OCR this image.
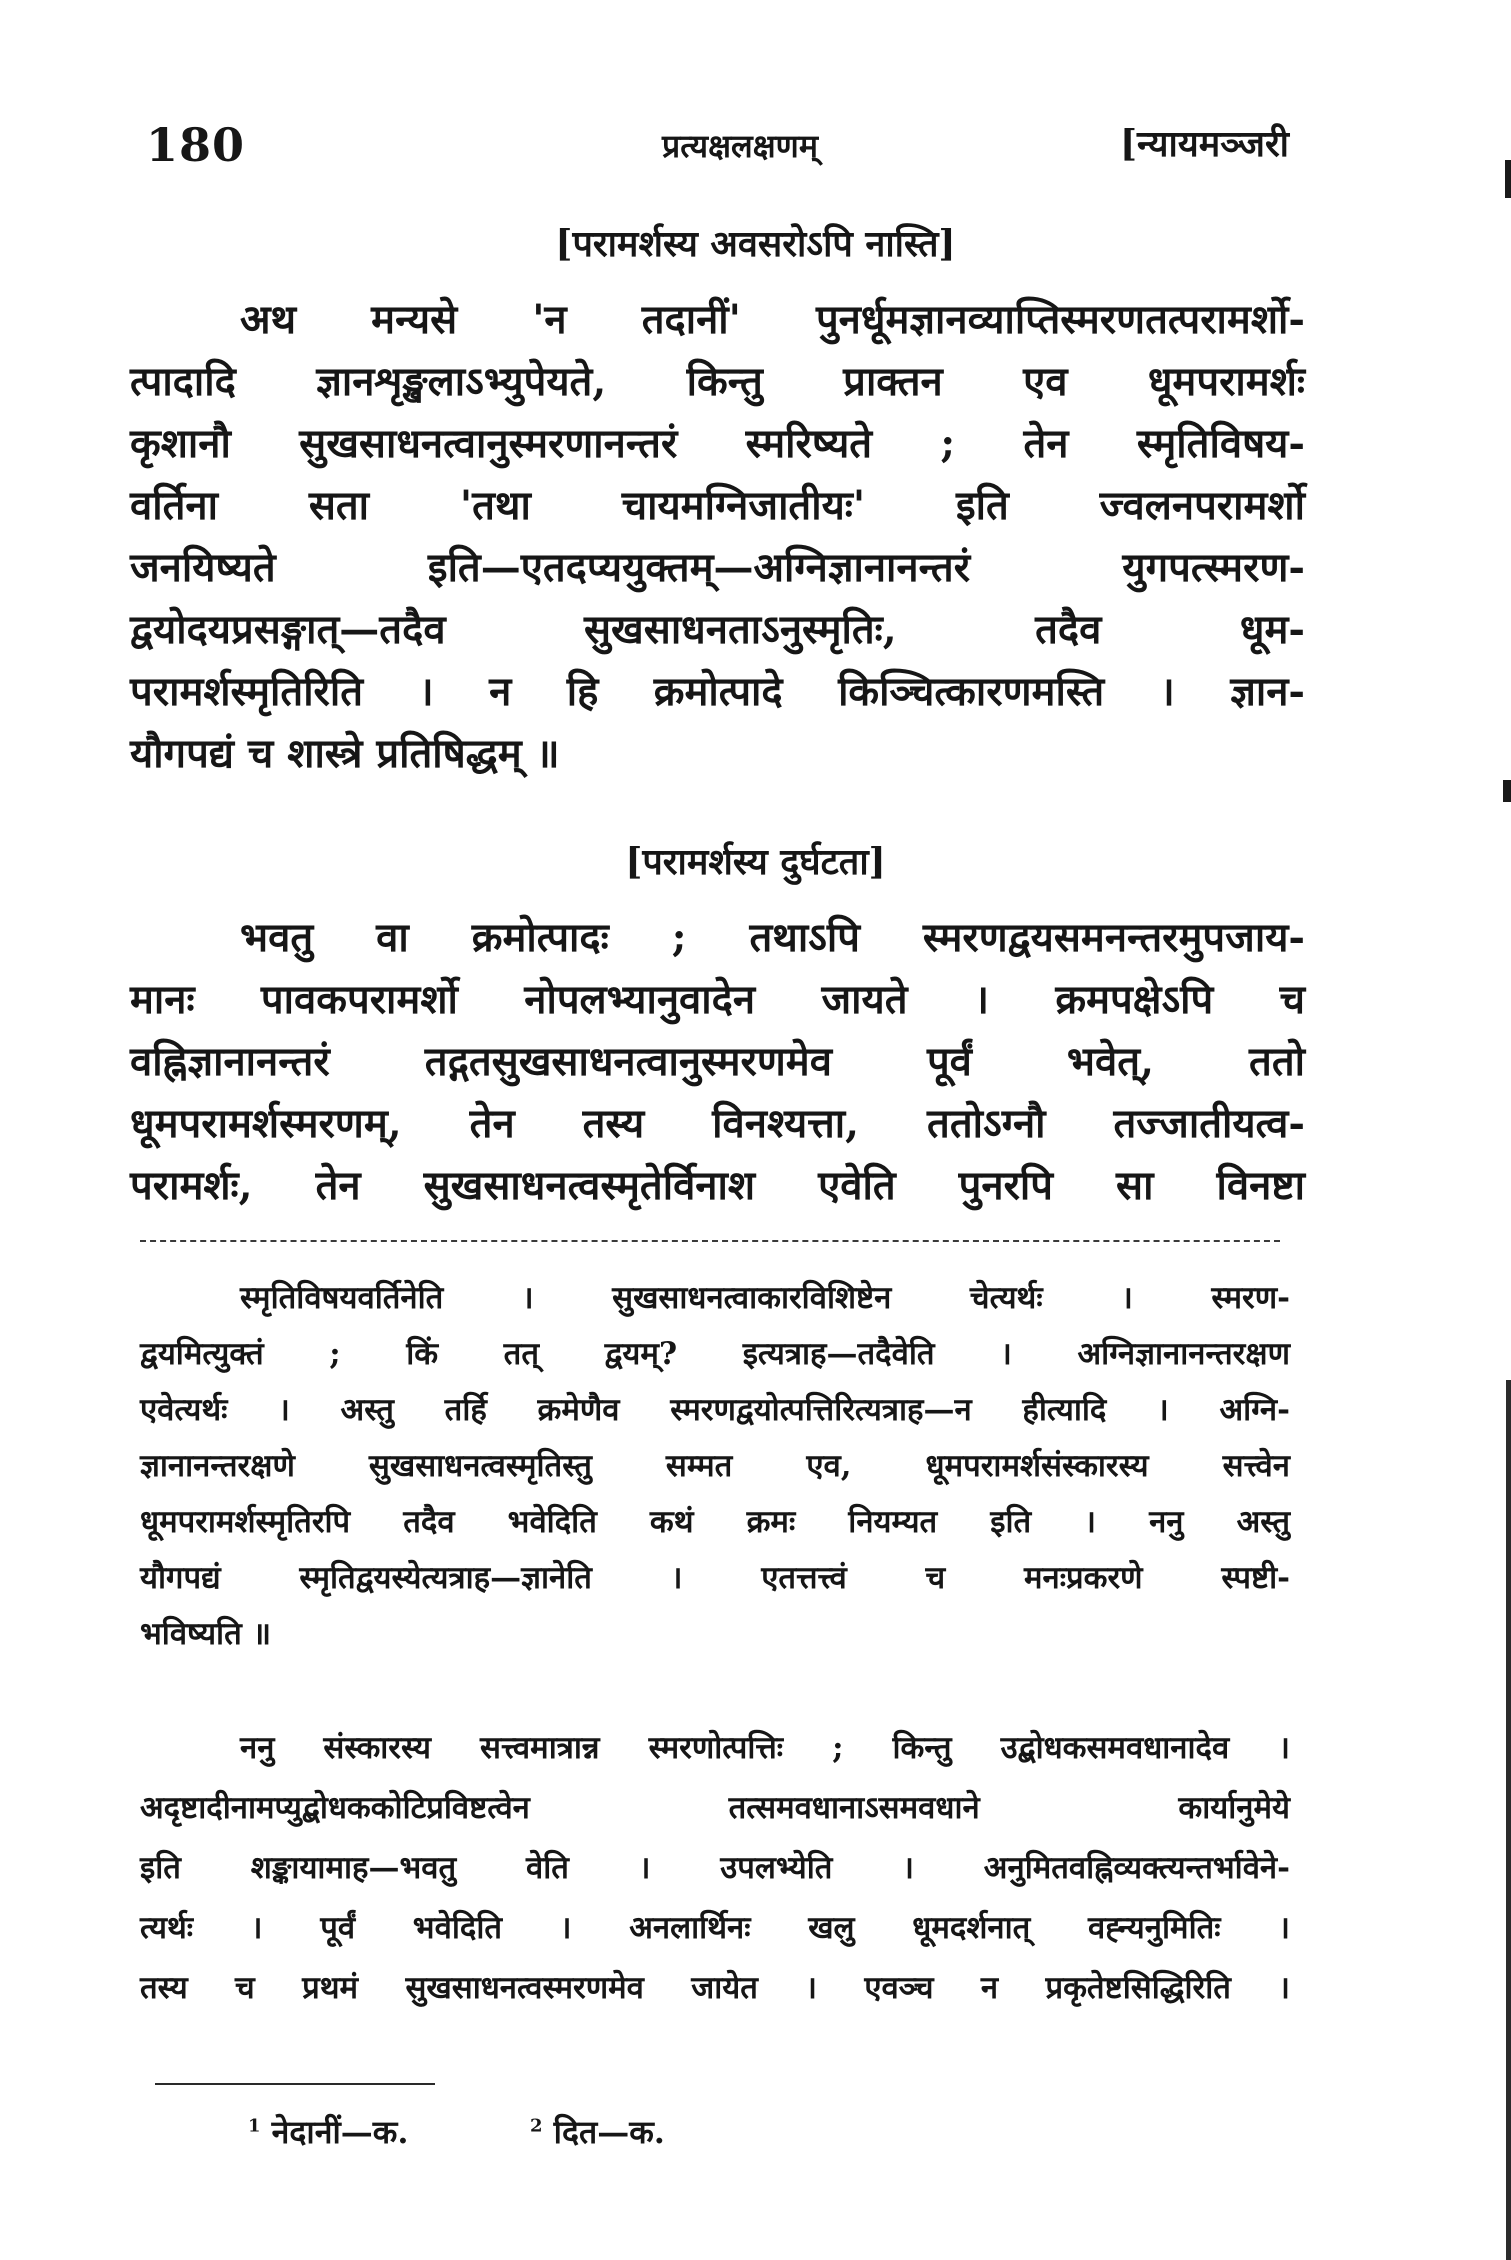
180	प्रत्यक्षलक्षणम्	[न्यायमञ्जरी
[परामर्शस्य अवसरोऽपि नास्ति]
अथ मन्यसे 'न तदानीं' पुनर्धूमज्ञानव्याप्तिस्मरणतत्परामर्शो-
त्पादादि ज्ञानशृङ्खलाऽभ्युपेयते, किन्तु प्राक्तन एव धूमपरामर्शः
कृशानौ सुखसाधनत्वानुस्मरणानन्तरं स्मरिष्यते ; तेन स्मृतिविषय-
वर्तिना सता 'तथा चायमग्निजातीयः' इति ज्वलनपरामर्शो
जनयिष्यते इति—एतदप्ययुक्तम्—अग्निज्ञानानन्तरं युगपत्स्मरण-
द्वयोदयप्रसङ्गात्—तदैव सुखसाधनताऽनुस्मृतिः, तदैव धूम-
परामर्शस्मृतिरिति । न हि क्रमोत्पादे किञ्चित्कारणमस्ति । ज्ञान-
यौगपद्यं च शास्त्रे प्रतिषिद्धम् ॥
[परामर्शस्य दुर्घटता]
भवतु वा क्रमोत्पादः ; तथाऽपि स्मरणद्वयसमनन्तरमुपजाय-
मानः पावकपरामर्शो नोपलभ्यानुवादेन जायते । क्रमपक्षेऽपि च
वह्निज्ञानानन्तरं तद्गतसुखसाधनत्वानुस्मरणमेव पूर्वं भवेत्, ततो
धूमपरामर्शस्मरणम्, तेन तस्य विनश्यत्ता, ततोऽग्नौ तज्जातीयत्व-
परामर्शः, तेन सुखसाधनत्वस्मृतेर्विनाश एवेति पुनरपि सा विनष्टा
स्मृतिविषयवर्तिनेति । सुखसाधनत्वाकारविशिष्टेन चेत्यर्थः । स्मरण-
द्वयमित्युक्तं ; किं तत् द्वयम्? इत्यत्राह—तदैवेति । अग्निज्ञानानन्तरक्षण
एवेत्यर्थः । अस्तु तर्हि क्रमेणैव स्मरणद्वयोत्पत्तिरित्यत्राह—न हीत्यादि । अग्नि-
ज्ञानानन्तरक्षणे सुखसाधनत्वस्मृतिस्तु सम्मत एव, धूमपरामर्शसंस्कारस्य सत्त्वेन
धूमपरामर्शस्मृतिरपि तदैव भवेदिति कथं क्रमः नियम्यत इति । ननु अस्तु
यौगपद्यं स्मृतिद्वयस्येत्यत्राह—ज्ञानेति । एतत्तत्त्वं च मनःप्रकरणे स्पष्टी-
भविष्यति ॥
ननु संस्कारस्य सत्त्वमात्रान्न स्मरणोत्पत्तिः ; किन्तु उद्बोधकसमवधानादेव ।
अदृष्टादीनामप्युद्बोधककोटिप्रविष्टत्वेन तत्समवधानाऽसमवधाने कार्यानुमेये
इति शङ्कायामाह—भवतु वेति । उपलभ्येति । अनुमितवह्निव्यक्त्यन्तर्भावेने-
त्यर्थः । पूर्वं भवेदिति । अनलार्थिनः खलु धूमदर्शनात् वह्न्यनुमितिः ।
तस्य च प्रथमं सुखसाधनत्वस्मरणमेव जायेत । एवञ्च न प्रकृतेष्टसिद्धिरिति ।
$^1$ नेदानीं—क.	$^2$ दित—क.
